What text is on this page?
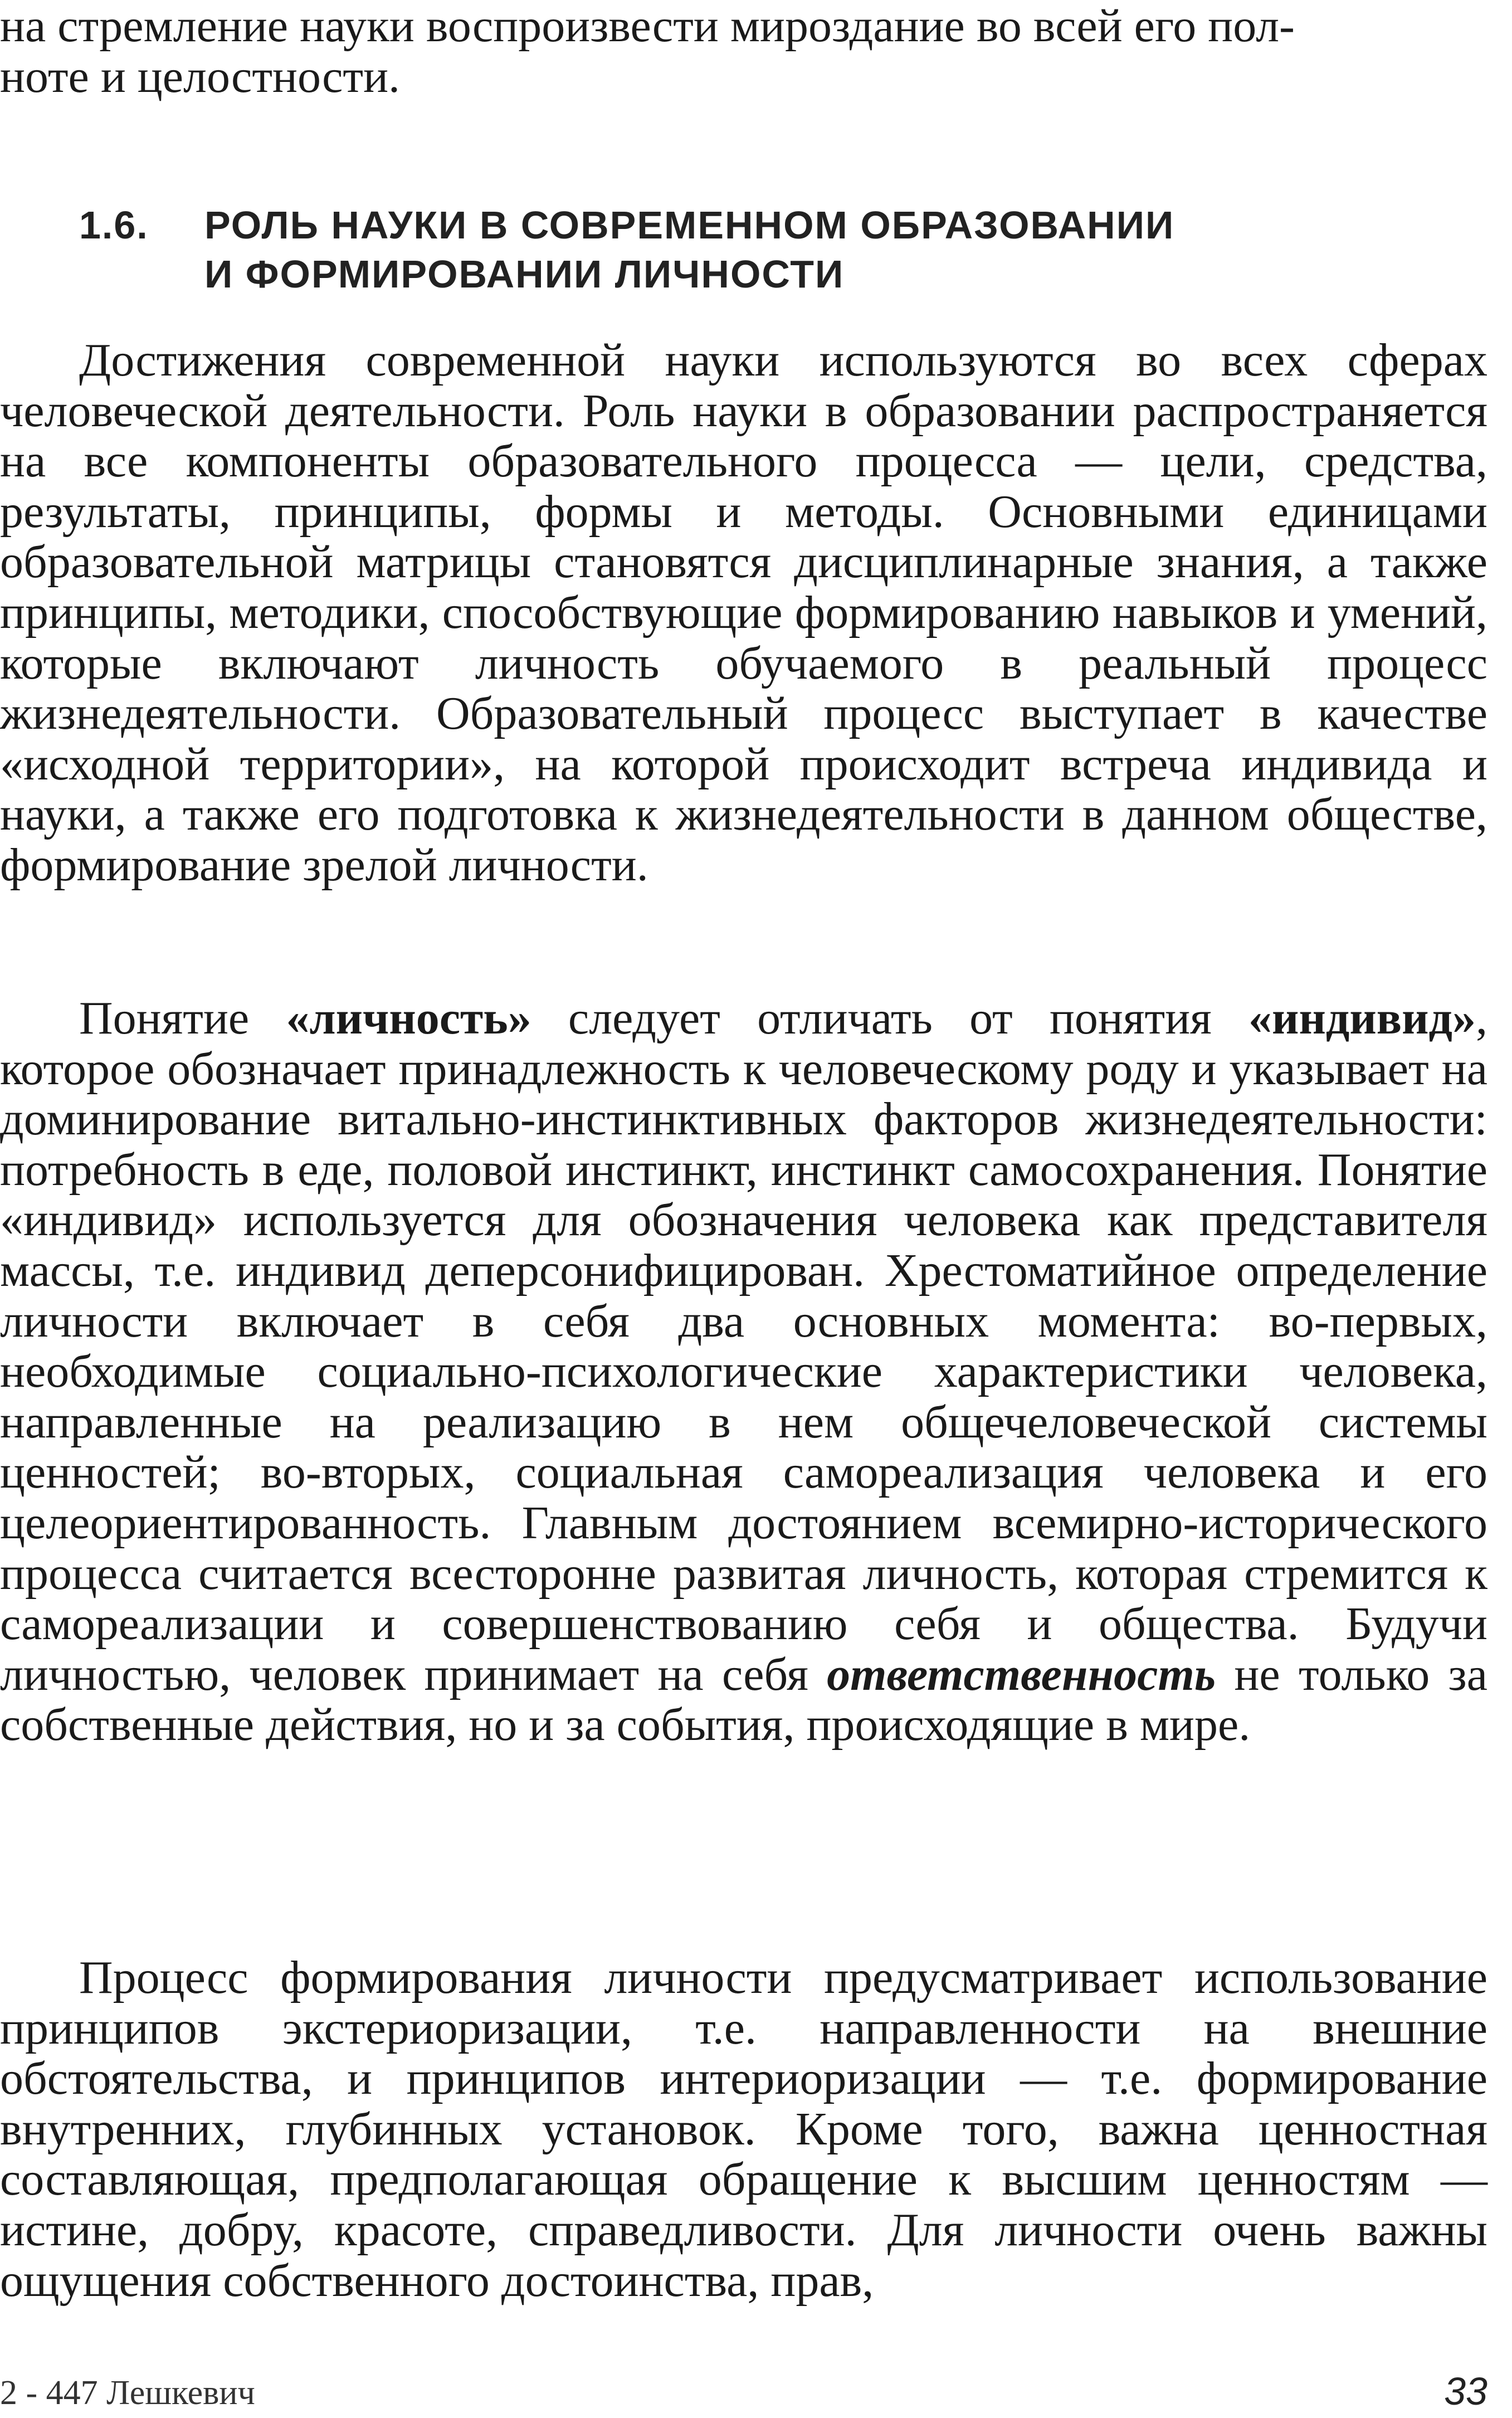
на стремление науки воспроизвести мироздание во всей его пол-
ноте и целостности.
1.6. РОЛЬ НАУКИ В СОВРЕМЕННОМ ОБРАЗОВАНИИ
И ФОРМИРОВАНИИ ЛИЧНОСТИ
Достижения современной науки используются во всех сферах человеческой деятельности. Роль науки в образовании распространяется на все компоненты образовательного процесса — цели, средства, результаты, принципы, формы и методы. Основными единицами образовательной матрицы становятся дисциплинарные знания, а также принципы, методики, способствующие формированию навыков и умений, которые включают личность обучаемого в реальный процесс жизнедеятельности. Образовательный процесс выступает в качестве «исходной территории», на которой происходит встреча индивида и науки, а также его подготовка к жизнедеятельности в данном обществе, формирование зрелой личности.
Понятие «личность» следует отличать от понятия «индивид», которое обозначает принадлежность к человеческому роду и указывает на доминирование витально-инстинктивных факторов жизнедеятельности: потребность в еде, половой инстинкт, инстинкт самосохранения. Понятие «индивид» используется для обозначения человека как представителя массы, т.е. индивид деперсонифицирован. Хрестоматийное определение личности включает в себя два основных момента: во-первых, необходимые социально-психологические характеристики человека, направленные на реализацию в нем общечеловеческой системы ценностей; во-вторых, социальная самореализация человека и его целеориентированность. Главным достоянием всемирно-исторического процесса считается всесторонне развитая личность, которая стремится к самореализации и совершенствованию себя и общества. Будучи личностью, человек принимает на себя ответственность не только за собственные действия, но и за события, происходящие в мире.
Процесс формирования личности предусматривает использование принципов экстериоризации, т.е. направленности на внешние обстоятельства, и принципов интериоризации — т.е. формирование внутренних, глубинных установок. Кроме того, важна ценностная составляющая, предполагающая обращение к высшим ценностям — истине, добру, красоте, справедливости. Для личности очень важны ощущения собственного достоинства, прав,
2 - 447 Лешкевич	33
